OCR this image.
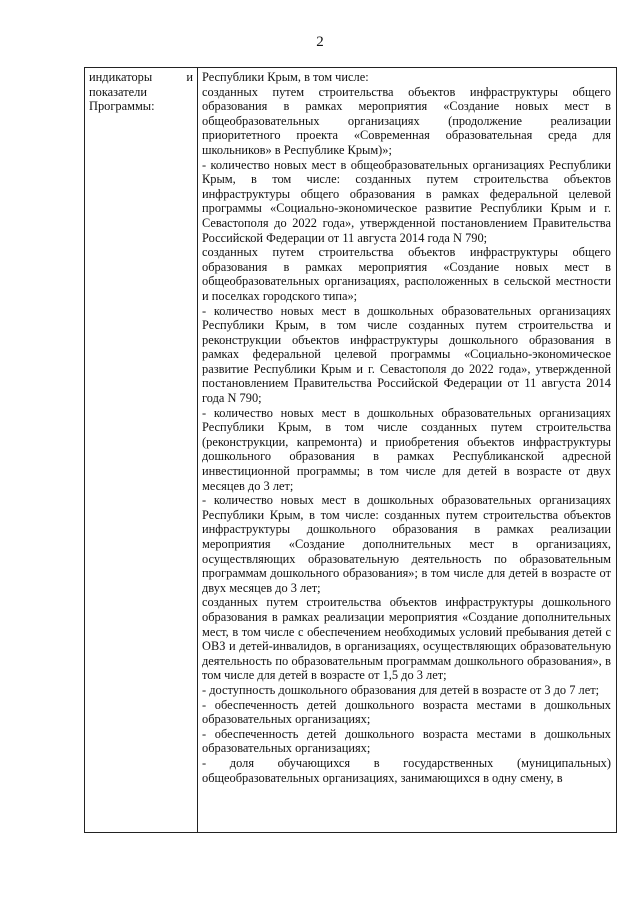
2
индикаторы	и
показатели
Программы:

Республики Крым, в том числе:

созданных путем строительства объектов инфраструктуры общего образования в рамках мероприятия «Создание новых мест в общеобразовательных организациях (продолжение реализации приоритетного проекта «Современная образовательная среда для школьников» в Республике Крым)»;

- количество новых мест в общеобразовательных организациях Республики Крым, в том числе: созданных путем строительства объектов инфраструктуры общего образования в рамках федеральной целевой программы «Социально-экономическое развитие Республики Крым и г. Севастополя до 2022 года», утвержденной постановлением Правительства Российской Федерации от 11 августа 2014 года N 790;

созданных путем строительства объектов инфраструктуры общего образования в рамках мероприятия «Создание новых мест в общеобразовательных организациях, расположенных в сельской местности и поселках городского типа»;

- количество новых мест в дошкольных образовательных организациях Республики Крым, в том числе созданных путем строительства и реконструкции объектов инфраструктуры дошкольного образования в рамках федеральной целевой программы «Социально-экономическое развитие Республики Крым и г. Севастополя до 2022 года», утвержденной постановлением Правительства Российской Федерации от 11 августа 2014 года N 790;

- количество новых мест в дошкольных образовательных организациях Республики Крым, в том числе созданных путем строительства (реконструкции, капремонта) и приобретения объектов инфраструктуры дошкольного образования в рамках Республиканской адресной инвестиционной программы; в том числе для детей в возрасте от двух месяцев до 3 лет;

- количество новых мест в дошкольных образовательных организациях Республики Крым, в том числе: созданных путем строительства объектов инфраструктуры дошкольного образования в рамках реализации мероприятия «Создание дополнительных мест в организациях, осуществляющих образовательную деятельность по образовательным программам дошкольного образования»; в том числе для детей в возрасте от двух месяцев до 3 лет;

созданных путем строительства объектов инфраструктуры дошкольного образования в рамках реализации мероприятия «Создание дополнительных мест, в том числе с обеспечением необходимых условий пребывания детей с ОВЗ и детей-инвалидов, в организациях, осуществляющих образовательную деятельность по образовательным программам дошкольного образования», в том числе для детей в возрасте от 1,5 до 3 лет;

- доступность дошкольного образования для детей в возрасте от 3 до 7 лет;

- обеспеченность детей дошкольного возраста местами в дошкольных образовательных организациях;

- обеспеченность детей дошкольного возраста местами в дошкольных образовательных организациях;

- доля обучающихся в государственных (муниципальных) общеобразовательных организациях, занимающихся в одну смену, в
